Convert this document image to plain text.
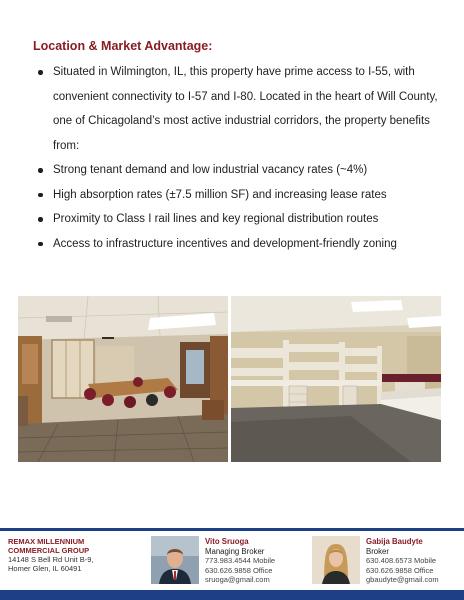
Location & Market Advantage:
Situated in Wilmington, IL, this property have prime access to I-55, with convenient connectivity to I-57 and I-80. Located in the heart of Will County, one of Chicagoland’s most active industrial corridors, the property benefits from:
Strong tenant demand and low industrial vacancy rates (~4%)
High absorption rates (±7.5 million SF) and increasing lease rates
Proximity to Class I rail lines and key regional distribution routes
Access to infrastructure incentives and development-friendly zoning
REMAX MILLENNIUM
COMMERCIAL GROUP
14148 S Bell Rd Unit B-9,
Homer Glen, IL 60491
Vito Sruoga
Managing Broker
773.983.4544 Mobile
630.626.9858 Office
sruoga@gmail.com
Gabija Baudyte
Broker
630.408.6573 Mobile
630.626.9858 Office
gbaudyte@gmail.com
